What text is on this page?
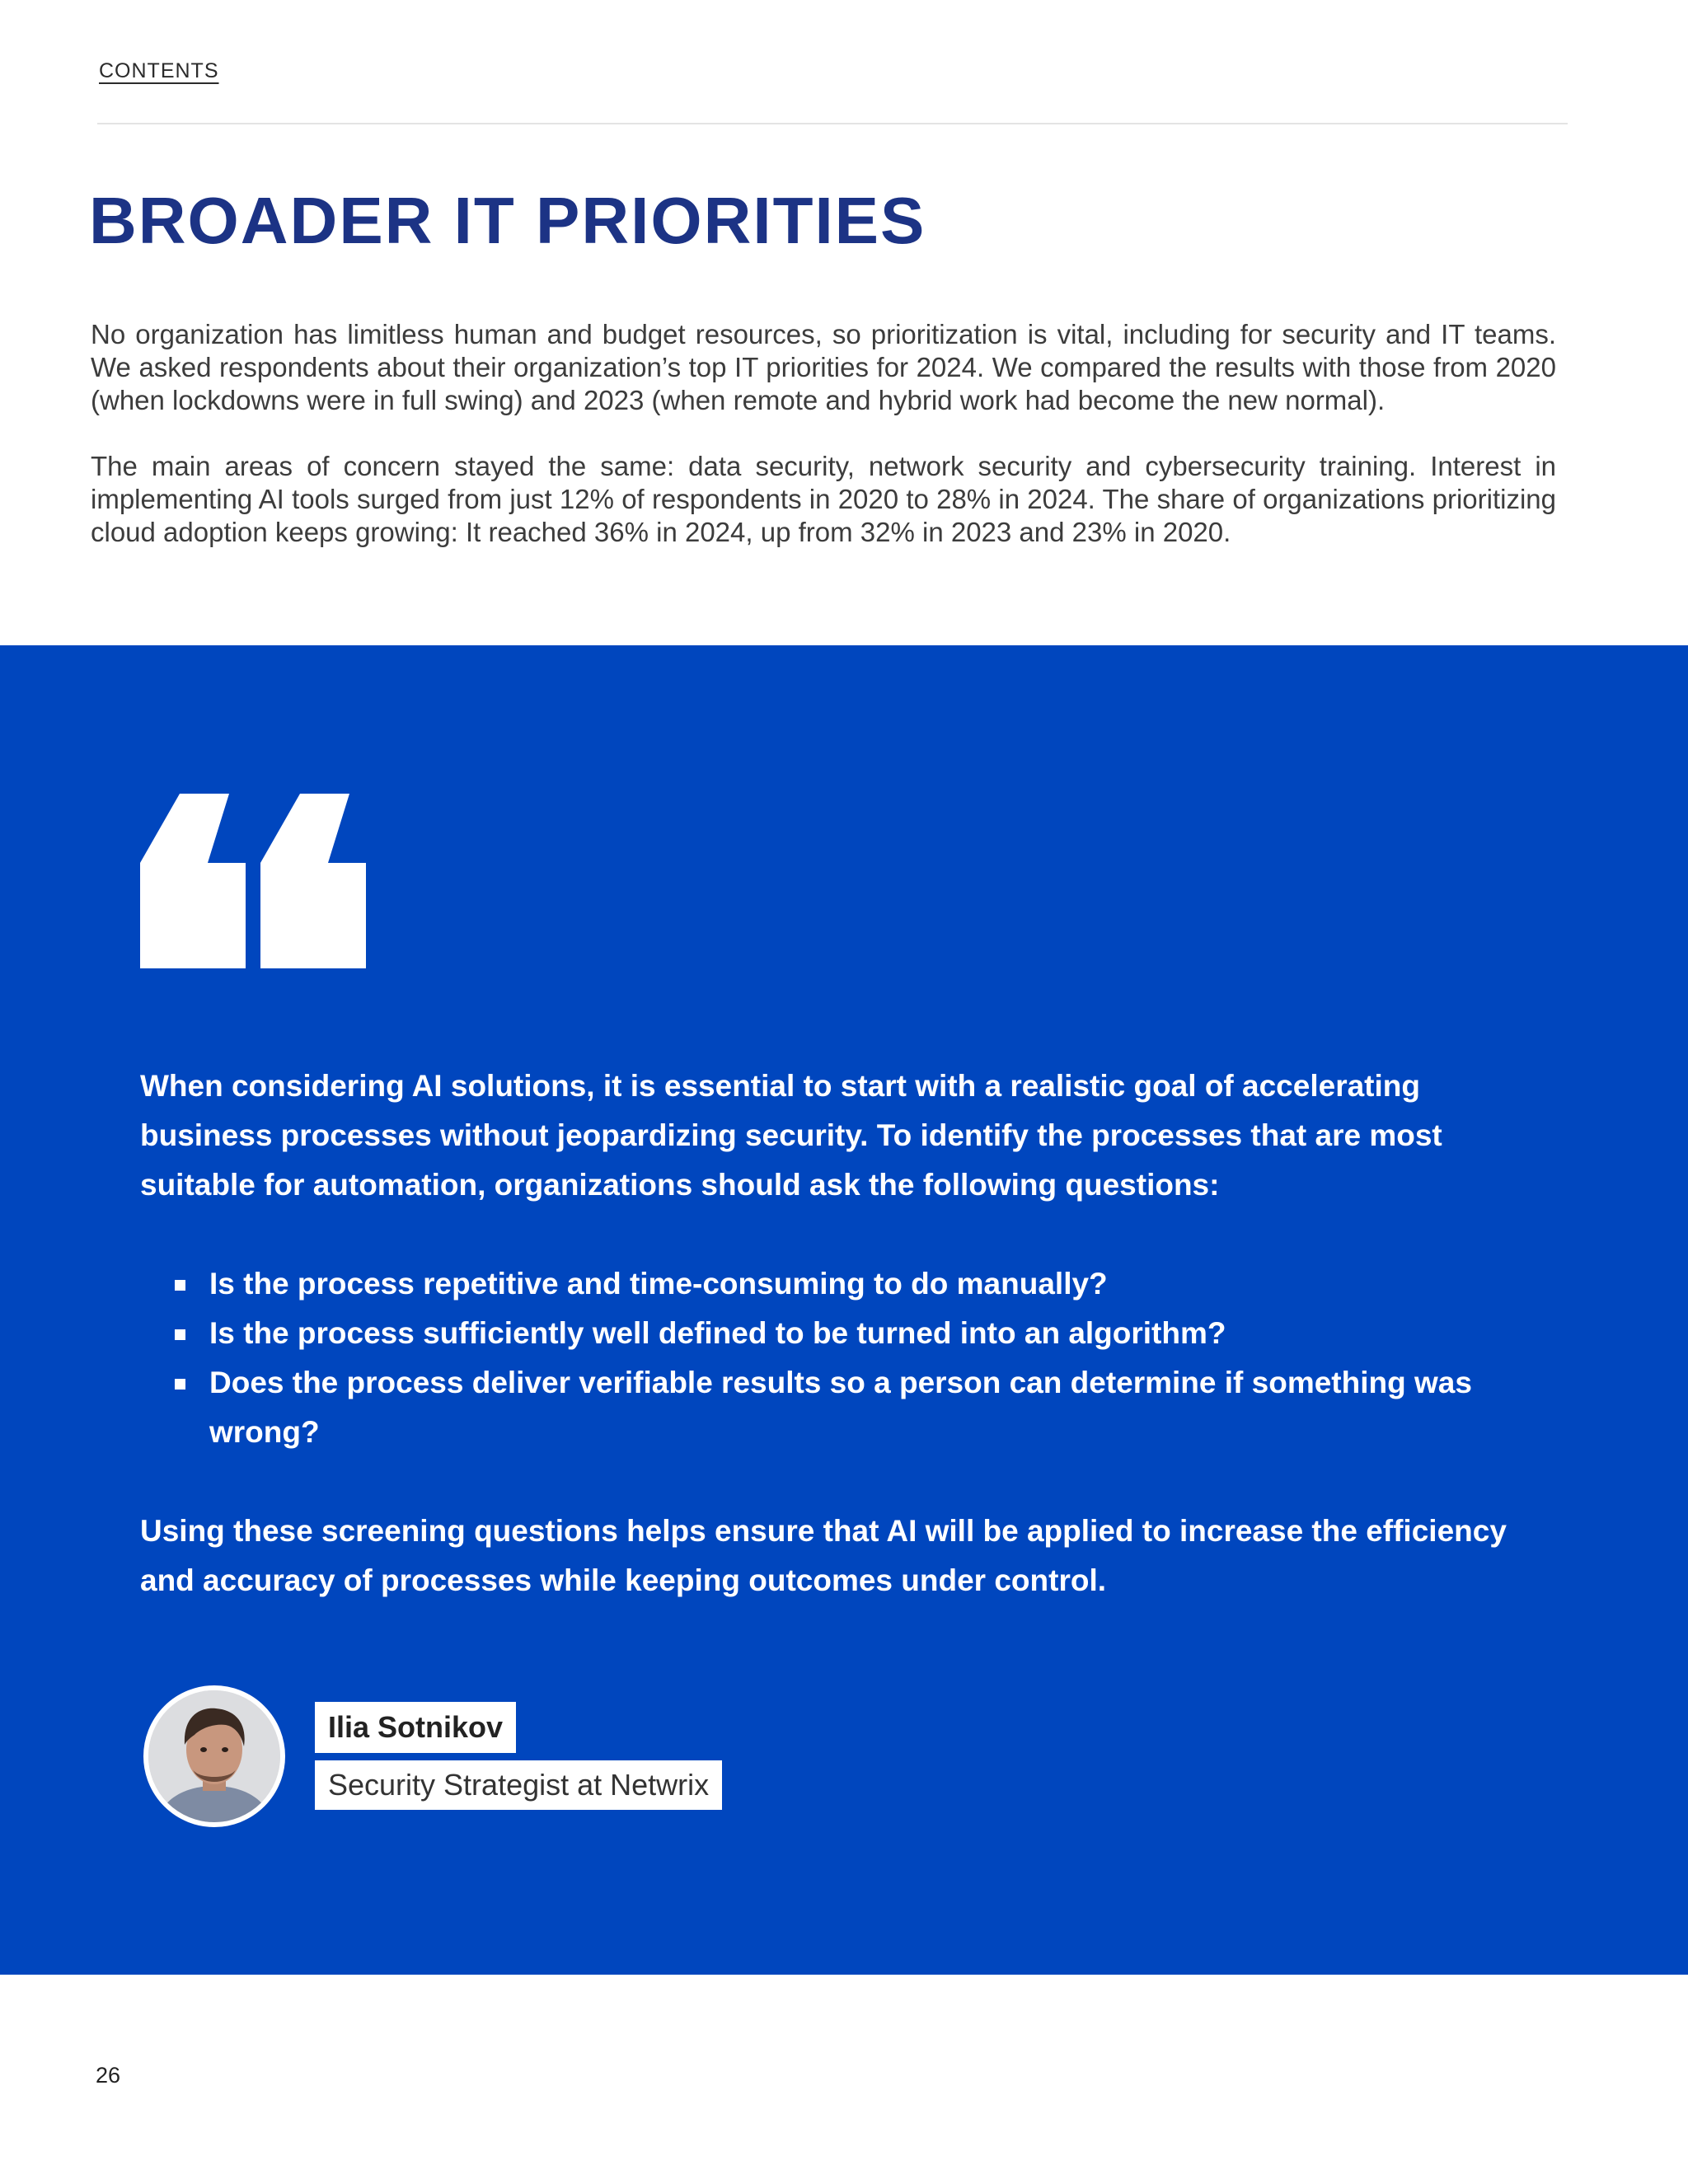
CONTENTS
BROADER IT PRIORITIES

No organization has limitless human and budget resources, so prioritization is vital, including for security and IT teams. We asked respondents about their organization’s top IT priorities for 2024. We compared the results with those from 2020 (when lockdowns were in full swing) and 2023 (when remote and hybrid work had become the new normal).

The main areas of concern stayed the same: data security, network security and cybersecurity training. Interest in implementing AI tools surged from just 12% of respondents in 2020 to 28% in 2024. The share of organizations prioritizing cloud adoption keeps growing: It reached 36% in 2024, up from 32% in 2023 and 23% in 2020.

When considering AI solutions, it is essential to start with a realistic goal of accelerating business processes without jeopardizing security. To identify the processes that are most suitable for automation, organizations should ask the following questions:

Is the process repetitive and time-consuming to do manually?
Is the process sufficiently well defined to be turned into an algorithm?
Does the process deliver verifiable results so a person can determine if something was wrong?

Using these screening questions helps ensure that AI will be applied to increase the efficiency and accuracy of processes while keeping outcomes under control.

Ilia Sotnikov
Security Strategist at Netwrix
26
